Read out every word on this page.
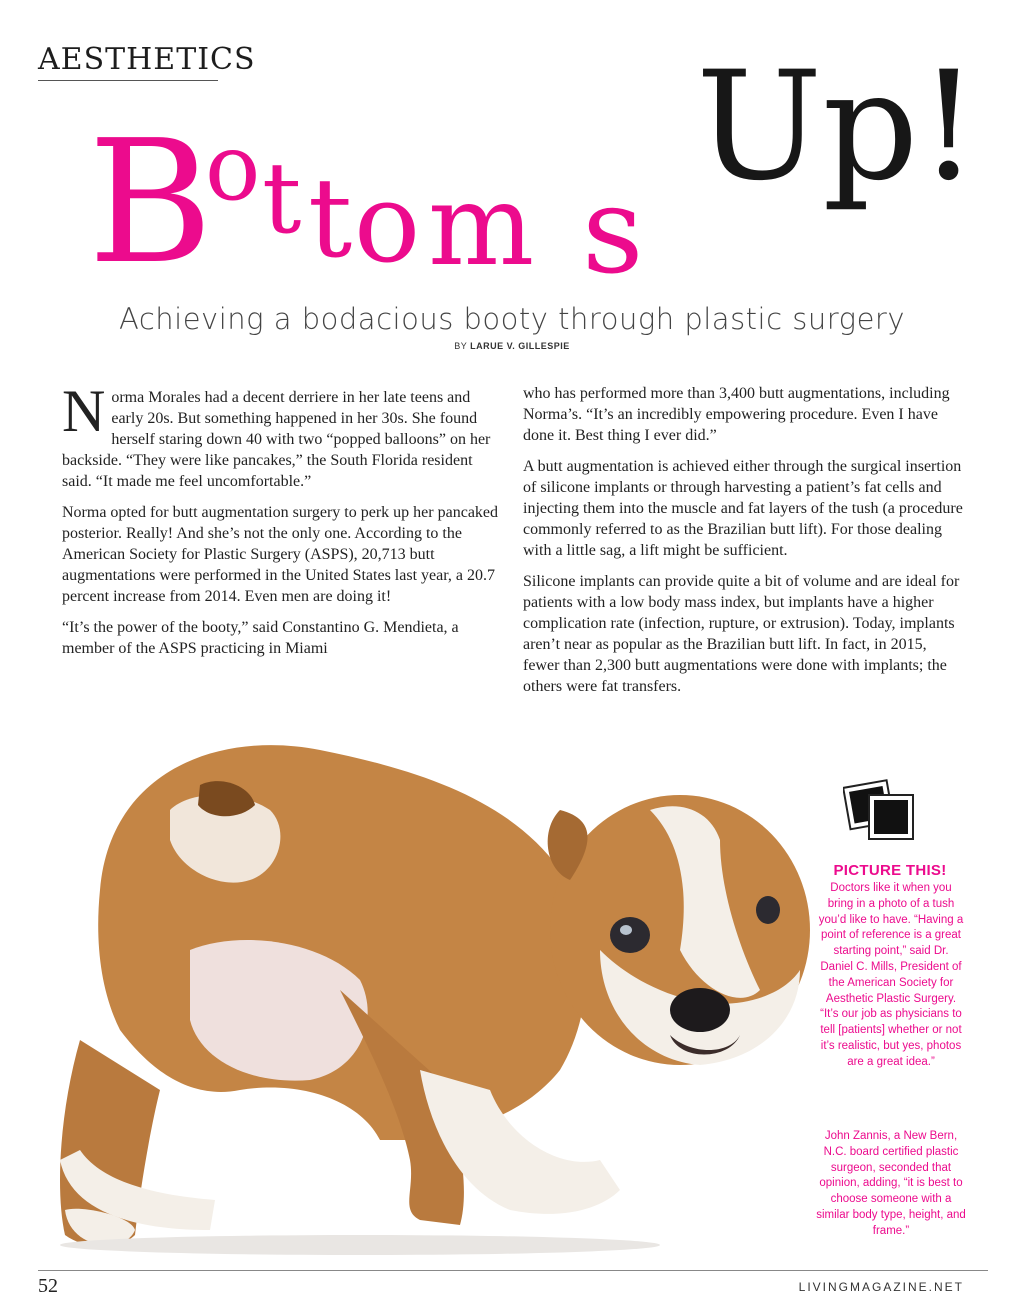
AESTHETICS
B
o t t o m s
Up!
Achieving a bodacious booty through plastic surgery
BY LARUE V. GILLESPIE

Norma Morales had a decent derriere in her late teens and early 20s. But something happened in her 30s. She found herself staring down 40 with two “popped balloons” on her backside. “They were like pancakes,” the South Florida resident said. “It made me feel uncomfortable.”

Norma opted for butt augmentation surgery to perk up her pancaked posterior. Really! And she’s not the only one. According to the American Society for Plastic Surgery (ASPS), 20,713 butt augmentations were performed in the United States last year, a 20.7 percent increase from 2014. Even men are doing it!

“It’s the power of the booty,” said Constantino G. Mendieta, a member of the ASPS practicing in Miami

who has performed more than 3,400 butt augmentations, including Norma’s. “It’s an incredibly empowering procedure. Even I have done it. Best thing I ever did.”

A butt augmentation is achieved either through the surgical insertion of silicone implants or through harvesting a patient’s fat cells and injecting them into the muscle and fat layers of the tush (a procedure commonly referred to as the Brazilian butt lift). For those dealing with a little sag, a lift might be sufficient.

Silicone implants can provide quite a bit of volume and are ideal for patients with a low body mass index, but implants have a higher complication rate (infection, rupture, or extrusion). Today, implants aren’t near as popular as the Brazilian butt lift. In fact, in 2015, fewer than 2,300 butt augmentations were done with implants; the others were fat transfers.

PICTURE THIS!
Doctors like it when you bring in a photo of a tush you’d like to have. “Having a point of reference is a great starting point,” said Dr. Daniel C. Mills, President of the American Society for Aesthetic Plastic Surgery. “It’s our job as physicians to tell [patients] whether or not it’s realistic, but yes, photos are a great idea.”
John Zannis, a New Bern, N.C. board certified plastic surgeon, seconded that opinion, adding, “it is best to choose someone with a similar body type, height, and frame.”
52	LIVINGMAGAZINE.NET
